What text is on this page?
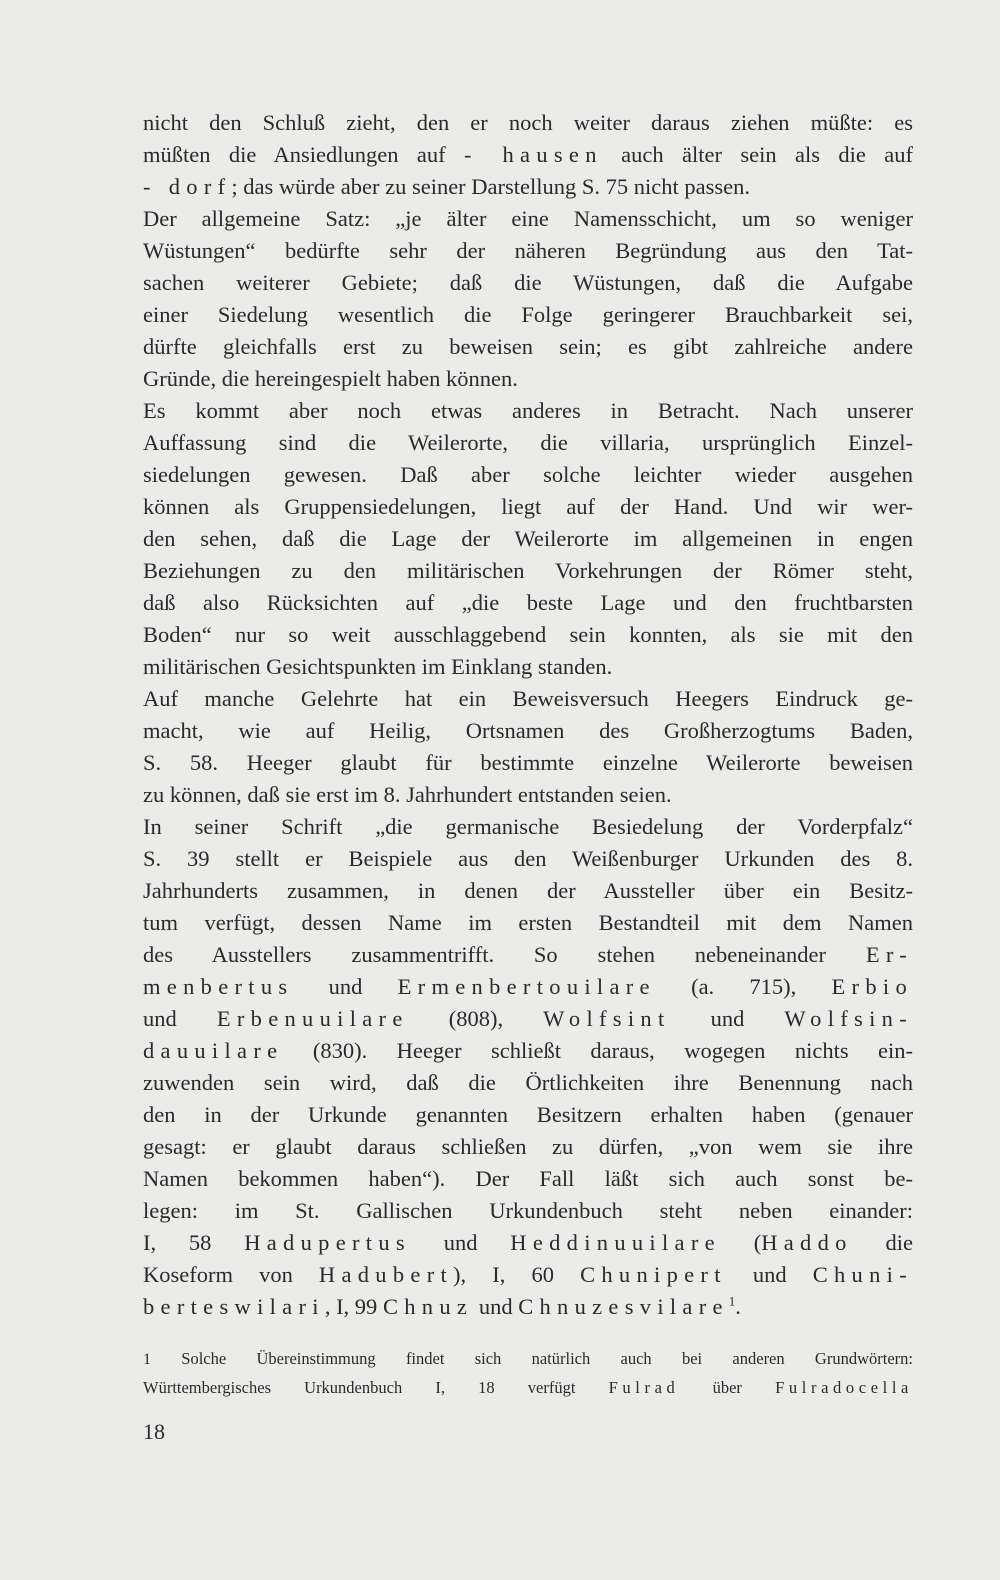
nicht den Schluß zieht, den er noch weiter daraus ziehen müßte: es
müßten die Ansiedlungen auf - hausen auch älter sein als die auf
- dorf; das würde aber zu seiner Darstellung S. 75 nicht passen.
Der allgemeine Satz: „je älter eine Namensschicht, um so weniger
Wüstungen“ bedürfte sehr der näheren Begründung aus den Tat-
sachen weiterer Gebiete; daß die Wüstungen, daß die Aufgabe
einer Siedelung wesentlich die Folge geringerer Brauchbarkeit sei,
dürfte gleichfalls erst zu beweisen sein; es gibt zahlreiche andere
Gründe, die hereingespielt haben können.
Es kommt aber noch etwas anderes in Betracht. Nach unserer
Auffassung sind die Weilerorte, die villaria, ursprünglich Einzel-
siedelungen gewesen. Daß aber solche leichter wieder ausgehen
können als Gruppensiedelungen, liegt auf der Hand. Und wir wer-
den sehen, daß die Lage der Weilerorte im allgemeinen in engen
Beziehungen zu den militärischen Vorkehrungen der Römer steht,
daß also Rücksichten auf „die beste Lage und den fruchtbarsten
Boden“ nur so weit ausschlaggebend sein konnten, als sie mit den
militärischen Gesichtspunkten im Einklang standen.
Auf manche Gelehrte hat ein Beweisversuch Heegers Eindruck ge-
macht, wie auf Heilig, Ortsnamen des Großherzogtums Baden,
S. 58. Heeger glaubt für bestimmte einzelne Weilerorte beweisen
zu können, daß sie erst im 8. Jahrhundert entstanden seien.
In seiner Schrift „die germanische Besiedelung der Vorderpfalz“
S. 39 stellt er Beispiele aus den Weißenburger Urkunden des 8.
Jahrhunderts zusammen, in denen der Aussteller über ein Besitz-
tum verfügt, dessen Name im ersten Bestandteil mit dem Namen
des Ausstellers zusammentrifft. So stehen nebeneinander Er-
menbertus und Ermenbertouilare (a. 715), Erbio
und Erbenuuilare (808), Wolfsint und Wolfsin-
dauuilare (830). Heeger schließt daraus, wogegen nichts ein-
zuwenden sein wird, daß die Örtlichkeiten ihre Benennung nach
den in der Urkunde genannten Besitzern erhalten haben (genauer
gesagt: er glaubt daraus schließen zu dürfen, „von wem sie ihre
Namen bekommen haben“). Der Fall läßt sich auch sonst be-
legen: im St. Gallischen Urkundenbuch steht neben einander:
I, 58 Hadupertus und Heddinuuilare (Haddo die
Koseform von Hadubert), I, 60 Chunipert und Chuni-
berteswilari, I, 99 Chnuz und Chnuzesvilare$^1$.
1 Solche Übereinstimmung findet sich natürlich auch bei anderen Grundwörtern:
Württembergisches Urkundenbuch I, 18 verfügt Fulrad über Fulradocella
18
